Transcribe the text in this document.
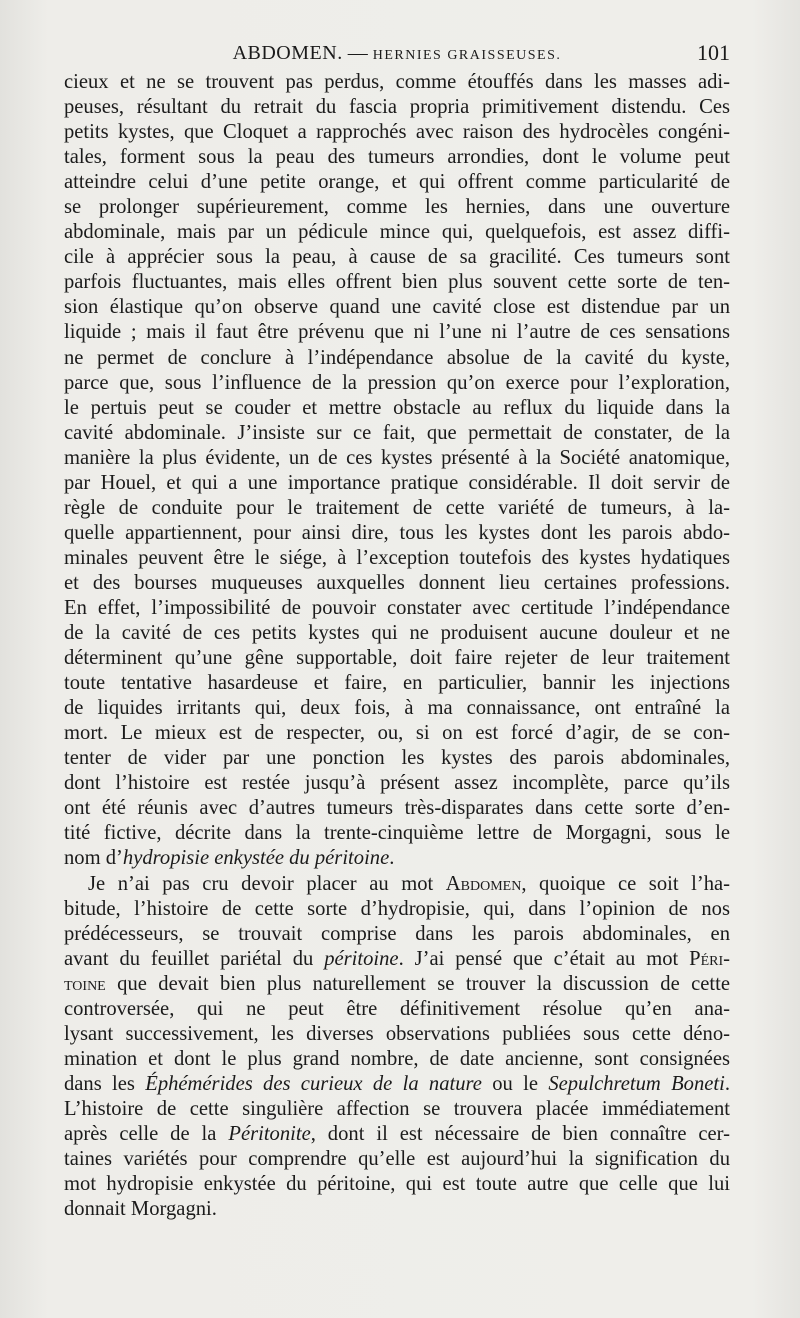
ABDOMEN. — HERNIES GRAISSEUSES.	101
cieux et ne se trouvent pas perdus, comme étouffés dans les masses adi-
peuses, résultant du retrait du fascia propria primitivement distendu. Ces
petits kystes, que Cloquet a rapprochés avec raison des hydrocèles congéni-
tales, forment sous la peau des tumeurs arrondies, dont le volume peut
atteindre celui d’une petite orange, et qui offrent comme particularité de
se prolonger supérieurement, comme les hernies, dans une ouverture
abdominale, mais par un pédicule mince qui, quelquefois, est assez diffi-
cile à apprécier sous la peau, à cause de sa gracilité. Ces tumeurs sont
parfois fluctuantes, mais elles offrent bien plus souvent cette sorte de ten-
sion élastique qu’on observe quand une cavité close est distendue par un
liquide ; mais il faut être prévenu que ni l’une ni l’autre de ces sensations
ne permet de conclure à l’indépendance absolue de la cavité du kyste,
parce que, sous l’influence de la pression qu’on exerce pour l’exploration,
le pertuis peut se couder et mettre obstacle au reflux du liquide dans la
cavité abdominale. J’insiste sur ce fait, que permettait de constater, de la
manière la plus évidente, un de ces kystes présenté à la Société anatomique,
par Houel, et qui a une importance pratique considérable. Il doit servir de
règle de conduite pour le traitement de cette variété de tumeurs, à la-
quelle appartiennent, pour ainsi dire, tous les kystes dont les parois abdo-
minales peuvent être le siége, à l’exception toutefois des kystes hydatiques
et des bourses muqueuses auxquelles donnent lieu certaines professions.
En effet, l’impossibilité de pouvoir constater avec certitude l’indépendance
de la cavité de ces petits kystes qui ne produisent aucune douleur et ne
déterminent qu’une gêne supportable, doit faire rejeter de leur traitement
toute tentative hasardeuse et faire, en particulier, bannir les injections
de liquides irritants qui, deux fois, à ma connaissance, ont entraîné la
mort. Le mieux est de respecter, ou, si on est forcé d’agir, de se con-
tenter de vider par une ponction les kystes des parois abdominales,
dont l’histoire est restée jusqu’à présent assez incomplète, parce qu’ils
ont été réunis avec d’autres tumeurs très-disparates dans cette sorte d’en-
tité fictive, décrite dans la trente-cinquième lettre de Morgagni, sous le
nom d’hydropisie enkystée du péritoine.
Je n’ai pas cru devoir placer au mot Abdomen, quoique ce soit l’ha-
bitude, l’histoire de cette sorte d’hydropisie, qui, dans l’opinion de nos
prédécesseurs, se trouvait comprise dans les parois abdominales, en
avant du feuillet pariétal du péritoine. J’ai pensé que c’était au mot Péri-
toine que devait bien plus naturellement se trouver la discussion de cette
controversée, qui ne peut être définitivement résolue qu’en ana-
lysant successivement, les diverses observations publiées sous cette déno-
mination et dont le plus grand nombre, de date ancienne, sont consignées
dans les Éphémérides des curieux de la nature ou le Sepulchretum Boneti.
L’histoire de cette singulière affection se trouvera placée immédiatement
après celle de la Péritonite, dont il est nécessaire de bien connaître cer-
taines variétés pour comprendre qu’elle est aujourd’hui la signification du
mot hydropisie enkystée du péritoine, qui est toute autre que celle que lui
donnait Morgagni.
